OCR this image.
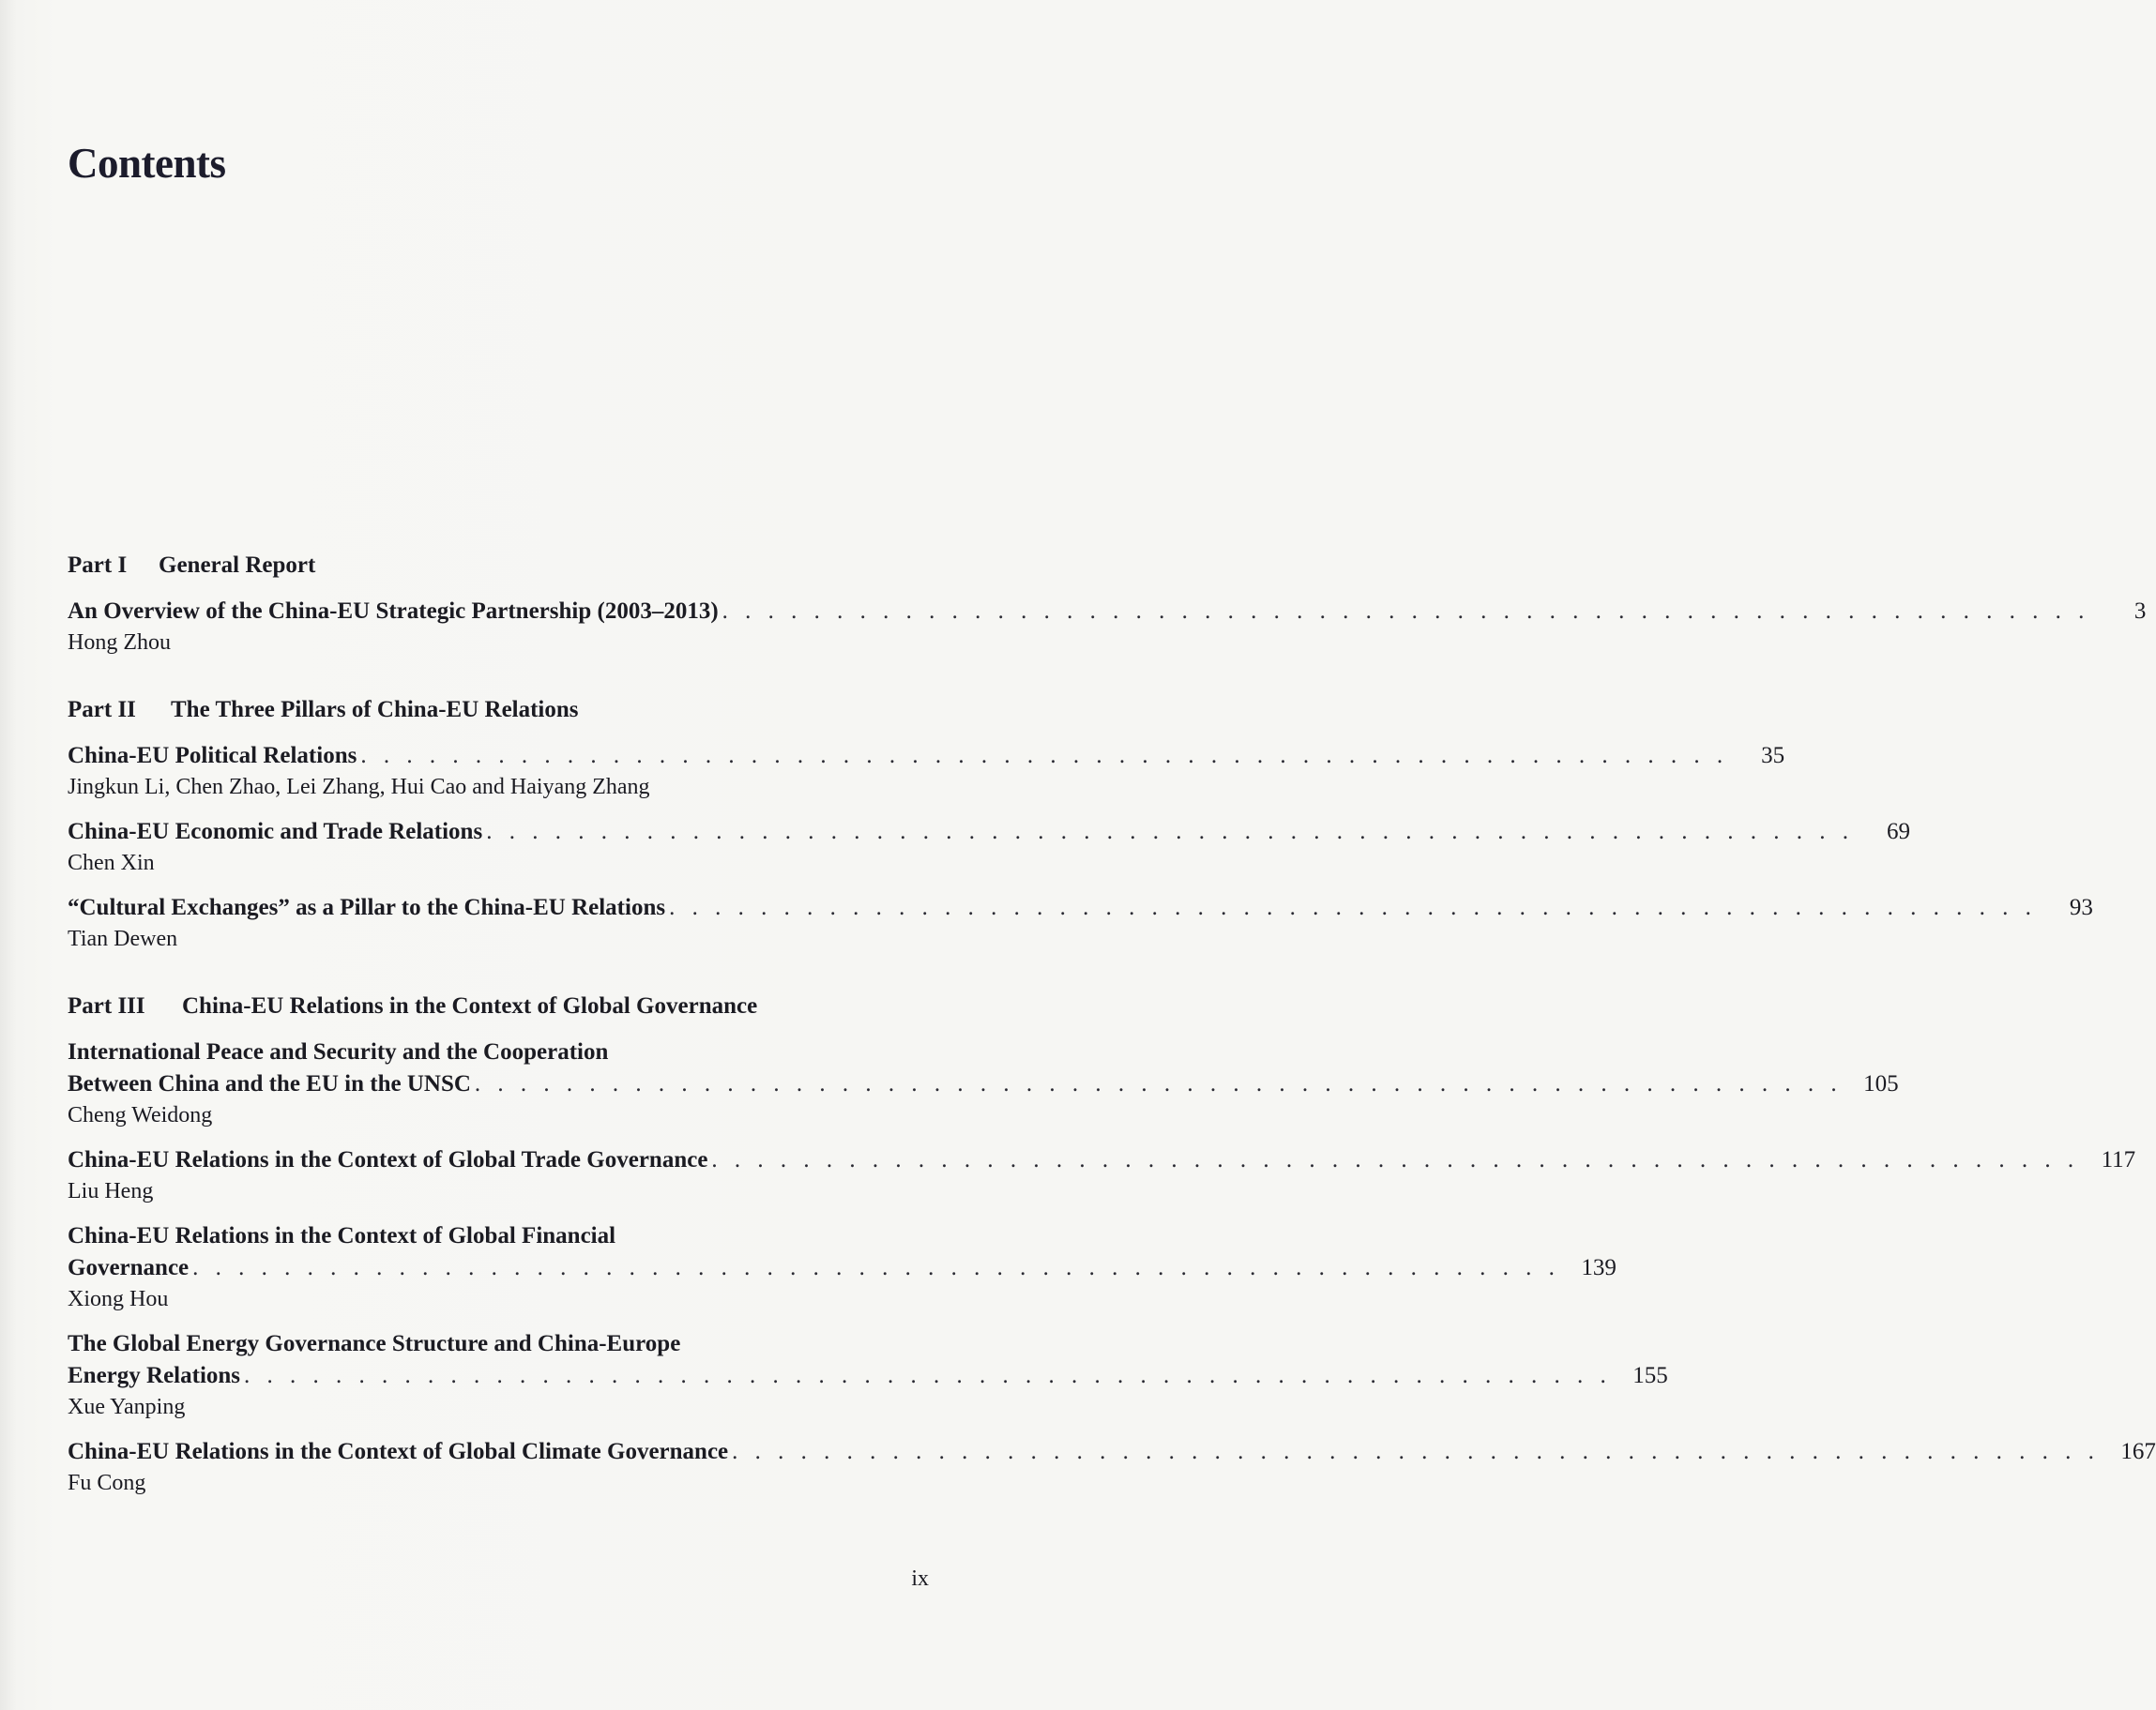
Contents
Part I	General Report
An Overview of the China-EU Strategic Partnership (2003–2013) . . . . . . . . . . . . . . . . . . . . . . . . . . . . . . . . . . . . . . . . . . . . . . . . . . . . . . . . . . . .	3
Hong Zhou
Part II	The Three Pillars of China-EU Relations
China-EU Political Relations . . . . . . . . . . . . . . . . . . . . . . . . . . . . . . . . . . . . . . . . . . . . . . . . . . . . . . . . . . . .	35
Jingkun Li, Chen Zhao, Lei Zhang, Hui Cao and Haiyang Zhang
China-EU Economic and Trade Relations . . . . . . . . . . . . . . . . . . . . . . . . . . . . . . . . . . . . . . . . . . . . . . . . . . . . . . . . . . . .	69
Chen Xin
“Cultural Exchanges” as a Pillar to the China-EU Relations . . . . . . . . . . . . . . . . . . . . . . . . . . . . . . . . . . . . . . . . . . . . . . . . . . . . . . . . . . . .	93
Tian Dewen
Part III	China-EU Relations in the Context of Global Governance
International Peace and Security and the Cooperation
Between China and the EU in the UNSC . . . . . . . . . . . . . . . . . . . . . . . . . . . . . . . . . . . . . . . . . . . . . . . . . . . . . . . . . . . . 105
Cheng Weidong
China-EU Relations in the Context of Global Trade Governance . . . . . . . . . . . . . . . . . . . . . . . . . . . . . . . . . . . . . . . . . . . . . . . . . . . . . . . . . . . . 117
Liu Heng
China-EU Relations in the Context of Global Financial
Governance . . . . . . . . . . . . . . . . . . . . . . . . . . . . . . . . . . . . . . . . . . . . . . . . . . . . . . . . . . . . 139
Xiong Hou
The Global Energy Governance Structure and China-Europe
Energy Relations . . . . . . . . . . . . . . . . . . . . . . . . . . . . . . . . . . . . . . . . . . . . . . . . . . . . . . . . . . . . 155
Xue Yanping
China-EU Relations in the Context of Global Climate Governance . . . . . . . . . . . . . . . . . . . . . . . . . . . . . . . . . . . . . . . . . . . . . . . . . . . . . . . . . . . . 167
Fu Cong
ix
